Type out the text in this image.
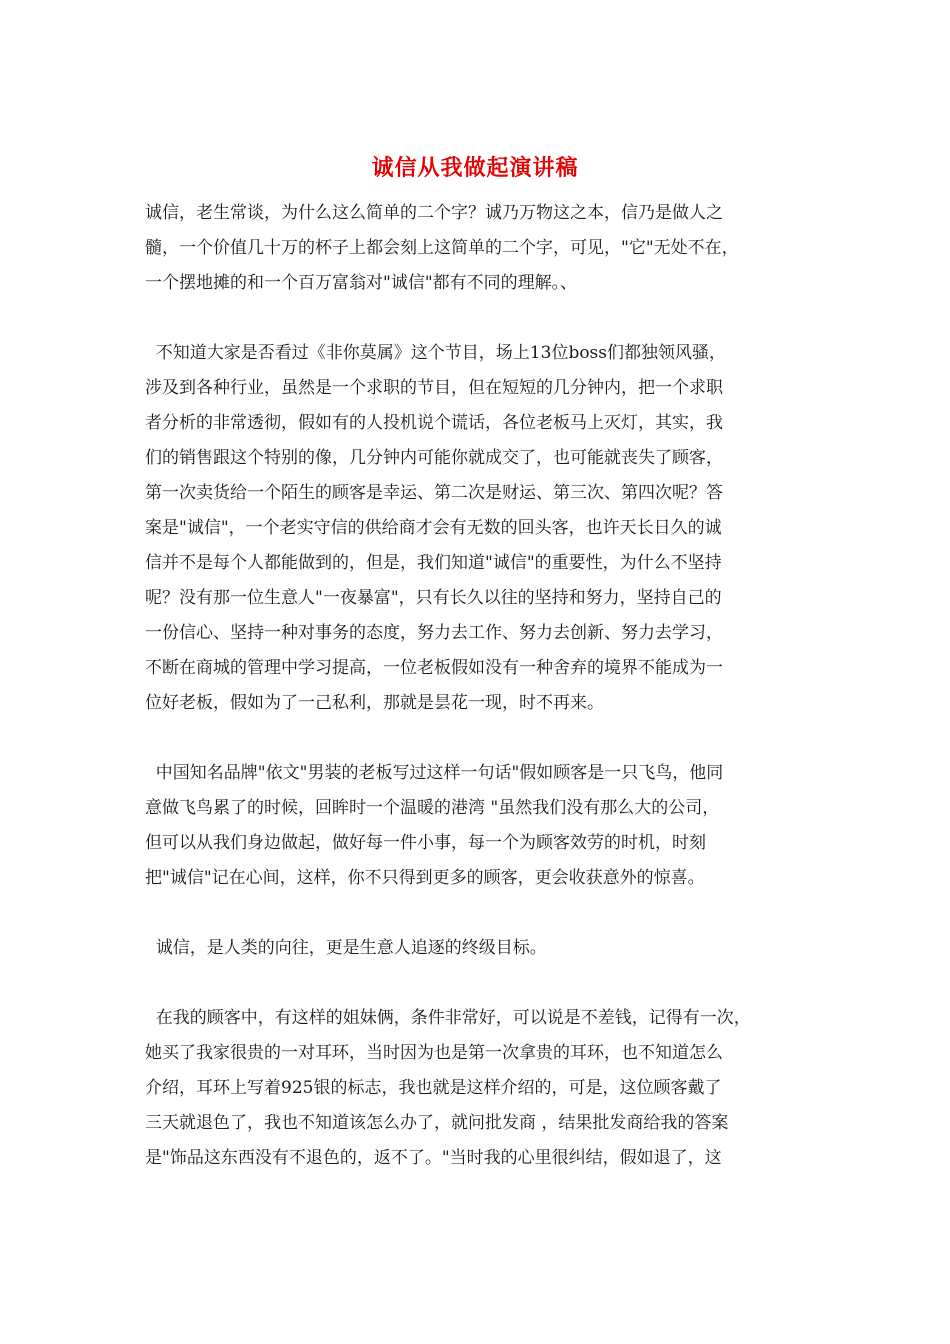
诚信从我做起演讲稿
诚信，老生常谈，为什么这么简单的二个字？诚乃万物这之本，信乃是做人之
髓，一个价值几十万的杯子上都会刻上这简单的二个字，可见，"它"无处不在，
一个摆地摊的和一个百万富翁对"诚信"都有不同的理解。、
不知道大家是否看过《非你莫属》这个节目，场上13位boss们都独领风骚，
涉及到各种行业，虽然是一个求职的节目，但在短短的几分钟内，把一个求职
者分析的非常透彻，假如有的人投机说个谎话，各位老板马上灭灯，其实，我
们的销售跟这个特别的像，几分钟内可能你就成交了，也可能就丧失了顾客，
第一次卖货给一个陌生的顾客是幸运、第二次是财运、第三次、第四次呢？答
案是"诚信"，一个老实守信的供给商才会有无数的回头客，也许天长日久的诚
信并不是每个人都能做到的，但是，我们知道"诚信"的重要性，为什么不坚持
呢？没有那一位生意人"一夜暴富"，只有长久以往的坚持和努力，坚持自己的
一份信心、坚持一种对事务的态度，努力去工作、努力去创新、努力去学习，
不断在商城的管理中学习提高，一位老板假如没有一种舍弃的境界不能成为一
位好老板，假如为了一己私利，那就是昙花一现，时不再来。
中国知名品牌"依文"男装的老板写过这样一句话"假如顾客是一只飞鸟，他同
意做飞鸟累了的时候，回眸时一个温暖的港湾 "虽然我们没有那么大的公司，
但可以从我们身边做起，做好每一件小事，每一个为顾客效劳的时机，时刻
把"诚信"记在心间，这样，你不只得到更多的顾客，更会收获意外的惊喜。
诚信，是人类的向往，更是生意人追逐的终级目标。
在我的顾客中，有这样的姐妹俩，条件非常好，可以说是不差钱，记得有一次，
她买了我家很贵的一对耳环，当时因为也是第一次拿贵的耳环，也不知道怎么
介绍，耳环上写着925银的标志，我也就是这样介绍的，可是，这位顾客戴了
三天就退色了，我也不知道该怎么办了，就问批发商 ，结果批发商给我的答案
是"饰品这东西没有不退色的，返不了。"当时我的心里很纠结，假如退了，这
